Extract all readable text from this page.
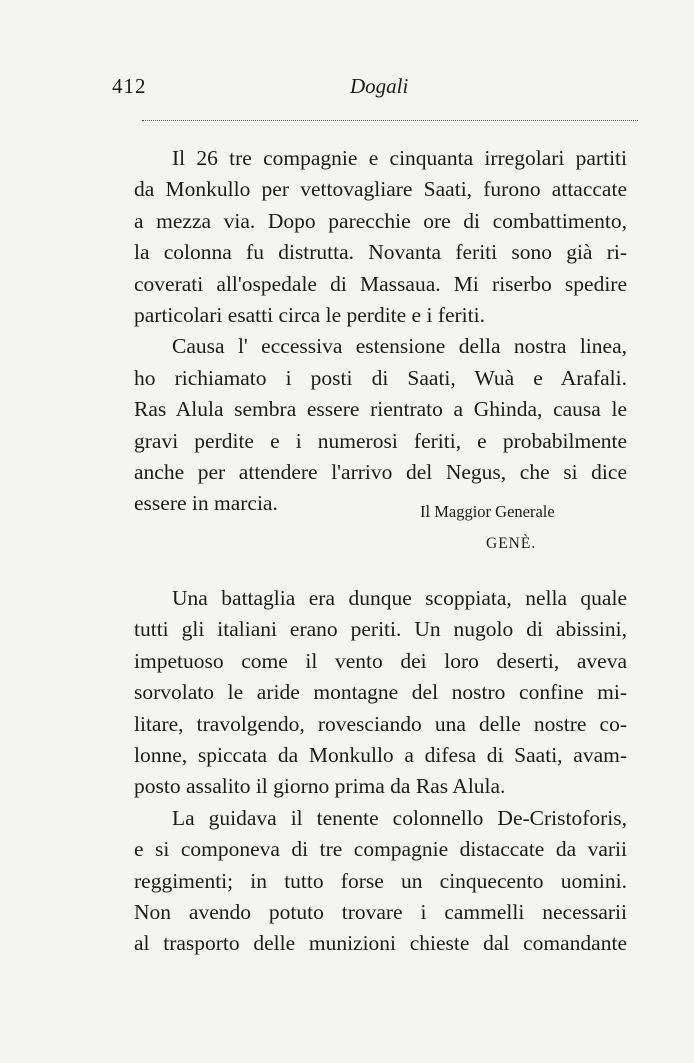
412	Dogali
Il 26 tre compagnie e cinquanta irregolari partiti
da Monkullo per vettovagliare Saati, furono attaccate
a mezza via. Dopo parecchie ore di combattimento,
la colonna fu distrutta. Novanta feriti sono già ri-
coverati all'ospedale di Massaua. Mi riserbo spedire
particolari esatti circa le perdite e i feriti.
Causa l' eccessiva estensione della nostra linea,
ho richiamato i posti di Saati, Wuà e Arafali.
Ras Alula sembra essere rientrato a Ghinda, causa le
gravi perdite e i numerosi feriti, e probabilmente
anche per attendere l'arrivo del Negus, che si dice
essere in marcia.	Il Maggior Generale
GENÈ.
Una battaglia era dunque scoppiata, nella quale
tutti gli italiani erano periti. Un nugolo di abissini,
impetuoso come il vento dei loro deserti, aveva
sorvolato le aride montagne del nostro confine mi-
litare, travolgendo, rovesciando una delle nostre co-
lonne, spiccata da Monkullo a difesa di Saati, avam-
posto assalito il giorno prima da Ras Alula.
La guidava il tenente colonnello De-Cristoforis,
e si componeva di tre compagnie distaccate da varii
reggimenti; in tutto forse un cinquecento uomini.
Non avendo potuto trovare i cammelli necessarii
al trasporto delle munizioni chieste dal comandante
